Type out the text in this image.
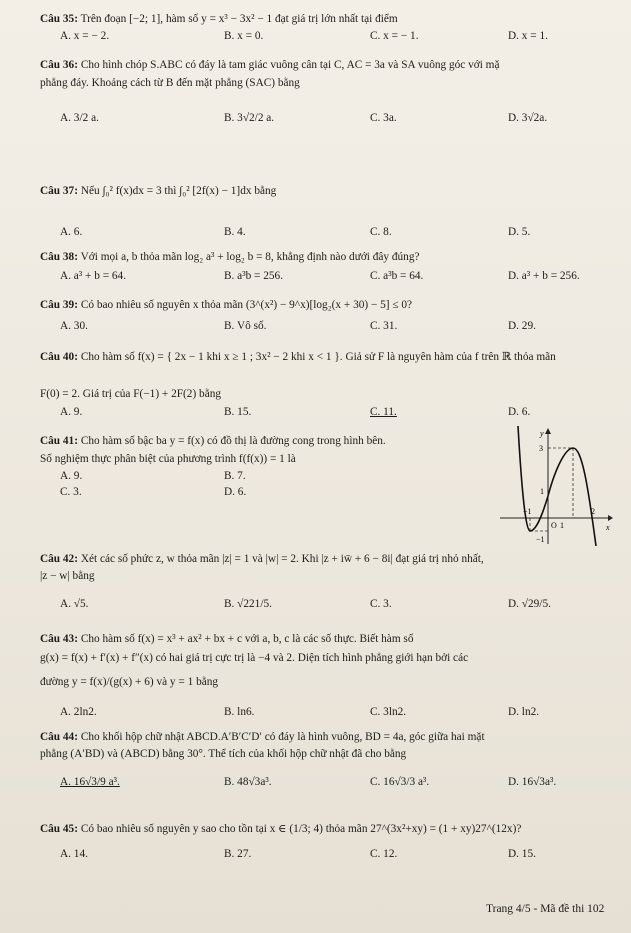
Câu 35: Trên đoạn [−2; 1], hàm số y = x³ − 3x² − 1 đạt giá trị lớn nhất tại điểm
A. x = − 2.	B. x = 0.	C. x = − 1.	D. x = 1.
Câu 36: Cho hình chóp S.ABC có đáy là tam giác vuông cân tại C, AC = 3a và SA vuông góc với mặ
phẳng đáy. Khoảng cách từ B đến mặt phẳng (SAC) bằng
A. 3/2 a.	B. 3√2/2 a.	C. 3a.	D. 3√2a.
Câu 37: Nếu ∫₀² f(x)dx = 3 thì ∫₀² [2f(x) − 1]dx bằng
A. 6.	B. 4.	C. 8.	D. 5.
Câu 38: Với mọi a, b thỏa mãn log₂ a³ + log₂ b = 8, khẳng định nào dưới đây đúng?
A. a³ + b = 64.	B. a³b = 256.	C. a³b = 64.	D. a³ + b = 256.
Câu 39: Có bao nhiêu số nguyên x thỏa mãn (3^(x²) − 9^x)[log₂(x + 30) − 5] ≤ 0?
A. 30.	B. Vô số.	C. 31.	D. 29.
Câu 40: Cho hàm số f(x) = { 2x − 1 khi x ≥ 1 ; 3x² − 2 khi x < 1 }. Giả sử F là nguyên hàm của f trên ℝ thỏa mãn
F(0) = 2. Giá trị của F(−1) + 2F(2) bằng
A. 9.	B. 15.	C. 11.	D. 6.
Câu 41: Cho hàm số bậc ba y = f(x) có đồ thị là đường cong trong hình bên.
Số nghiệm thực phân biệt của phương trình f(f(x)) = 1 là
A. 9.	B. 7.
C. 3.	D. 6.
y
x
O
3
1
−1
1
2
−1
Câu 42: Xét các số phức z, w thỏa mãn |z| = 1 và |w| = 2. Khi |z + iw̄ + 6 − 8i| đạt giá trị nhỏ nhất,
|z − w| bằng
A. √5.	B. √221/5.	C. 3.	D. √29/5.
Câu 43: Cho hàm số f(x) = x³ + ax² + bx + c với a, b, c là các số thực. Biết hàm số
g(x) = f(x) + f′(x) + f″(x) có hai giá trị cực trị là −4 và 2. Diện tích hình phẳng giới hạn bởi các
đường y = f(x)/(g(x) + 6) và y = 1 bằng
A. 2ln2.	B. ln6.	C. 3ln2.	D. ln2.
Câu 44: Cho khối hộp chữ nhật ABCD.A′B′C′D′ có đáy là hình vuông, BD = 4a, góc giữa hai mặt
phẳng (A′BD) và (ABCD) bằng 30°. Thể tích của khối hộp chữ nhật đã cho bằng
A. 16√3/9 a³.	B. 48√3a³.	C. 16√3/3 a³.	D. 16√3a³.
Câu 45: Có bao nhiêu số nguyên y sao cho tồn tại x ∈ (1/3; 4) thỏa mãn 27^(3x²+xy) = (1 + xy)27^(12x)?
A. 14.	B. 27.	C. 12.	D. 15.
Trang 4/5 - Mã đề thi 102
